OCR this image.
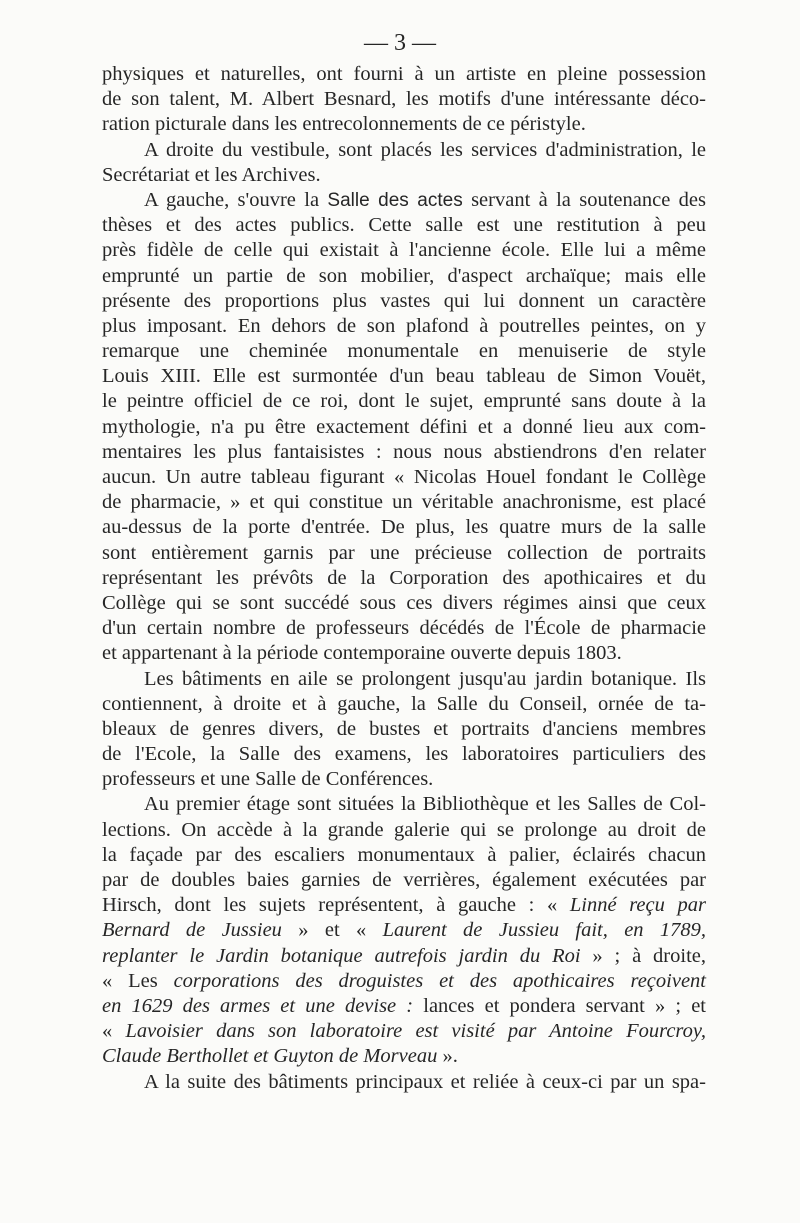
— 3 —
physiques et naturelles, ont fourni à un artiste en pleine possession
de son talent, M. Albert Besnard, les motifs d'une intéressante déco-
ration picturale dans les entrecolonnements de ce péristyle.
A droite du vestibule, sont placés les services d'administration, le
Secrétariat et les Archives.
A gauche, s'ouvre la Salle des actes servant à la soutenance des
thèses et des actes publics. Cette salle est une restitution à peu
près fidèle de celle qui existait à l'ancienne école. Elle lui a même
emprunté un partie de son mobilier, d'aspect archaïque; mais elle
présente des proportions plus vastes qui lui donnent un caractère
plus imposant. En dehors de son plafond à poutrelles peintes, on y
remarque une cheminée monumentale en menuiserie de style
Louis XIII. Elle est surmontée d'un beau tableau de Simon Vouët,
le peintre officiel de ce roi, dont le sujet, emprunté sans doute à la
mythologie, n'a pu être exactement défini et a donné lieu aux com-
mentaires les plus fantaisistes : nous nous abstiendrons d'en relater
aucun. Un autre tableau figurant « Nicolas Houel fondant le Collège
de pharmacie, » et qui constitue un véritable anachronisme, est placé
au-dessus de la porte d'entrée. De plus, les quatre murs de la salle
sont entièrement garnis par une précieuse collection de portraits
représentant les prévôts de la Corporation des apothicaires et du
Collège qui se sont succédé sous ces divers régimes ainsi que ceux
d'un certain nombre de professeurs décédés de l'École de pharmacie
et appartenant à la période contemporaine ouverte depuis 1803.
Les bâtiments en aile se prolongent jusqu'au jardin botanique. Ils
contiennent, à droite et à gauche, la Salle du Conseil, ornée de ta-
bleaux de genres divers, de bustes et portraits d'anciens membres
de l'Ecole, la Salle des examens, les laboratoires particuliers des
professeurs et une Salle de Conférences.
Au premier étage sont situées la Bibliothèque et les Salles de Col-
lections. On accède à la grande galerie qui se prolonge au droit de
la façade par des escaliers monumentaux à palier, éclairés chacun
par de doubles baies garnies de verrières, également exécutées par
Hirsch, dont les sujets représentent, à gauche : « Linné reçu par
Bernard de Jussieu » et « Laurent de Jussieu fait, en 1789,
replanter le Jardin botanique autrefois jardin du Roi » ; à droite,
« Les corporations des droguistes et des apothicaires reçoivent
en 1629 des armes et une devise : lances et pondera servant » ; et
« Lavoisier dans son laboratoire est visité par Antoine Fourcroy,
Claude Berthollet et Guyton de Morveau ».
A la suite des bâtiments principaux et reliée à ceux-ci par un spa-
